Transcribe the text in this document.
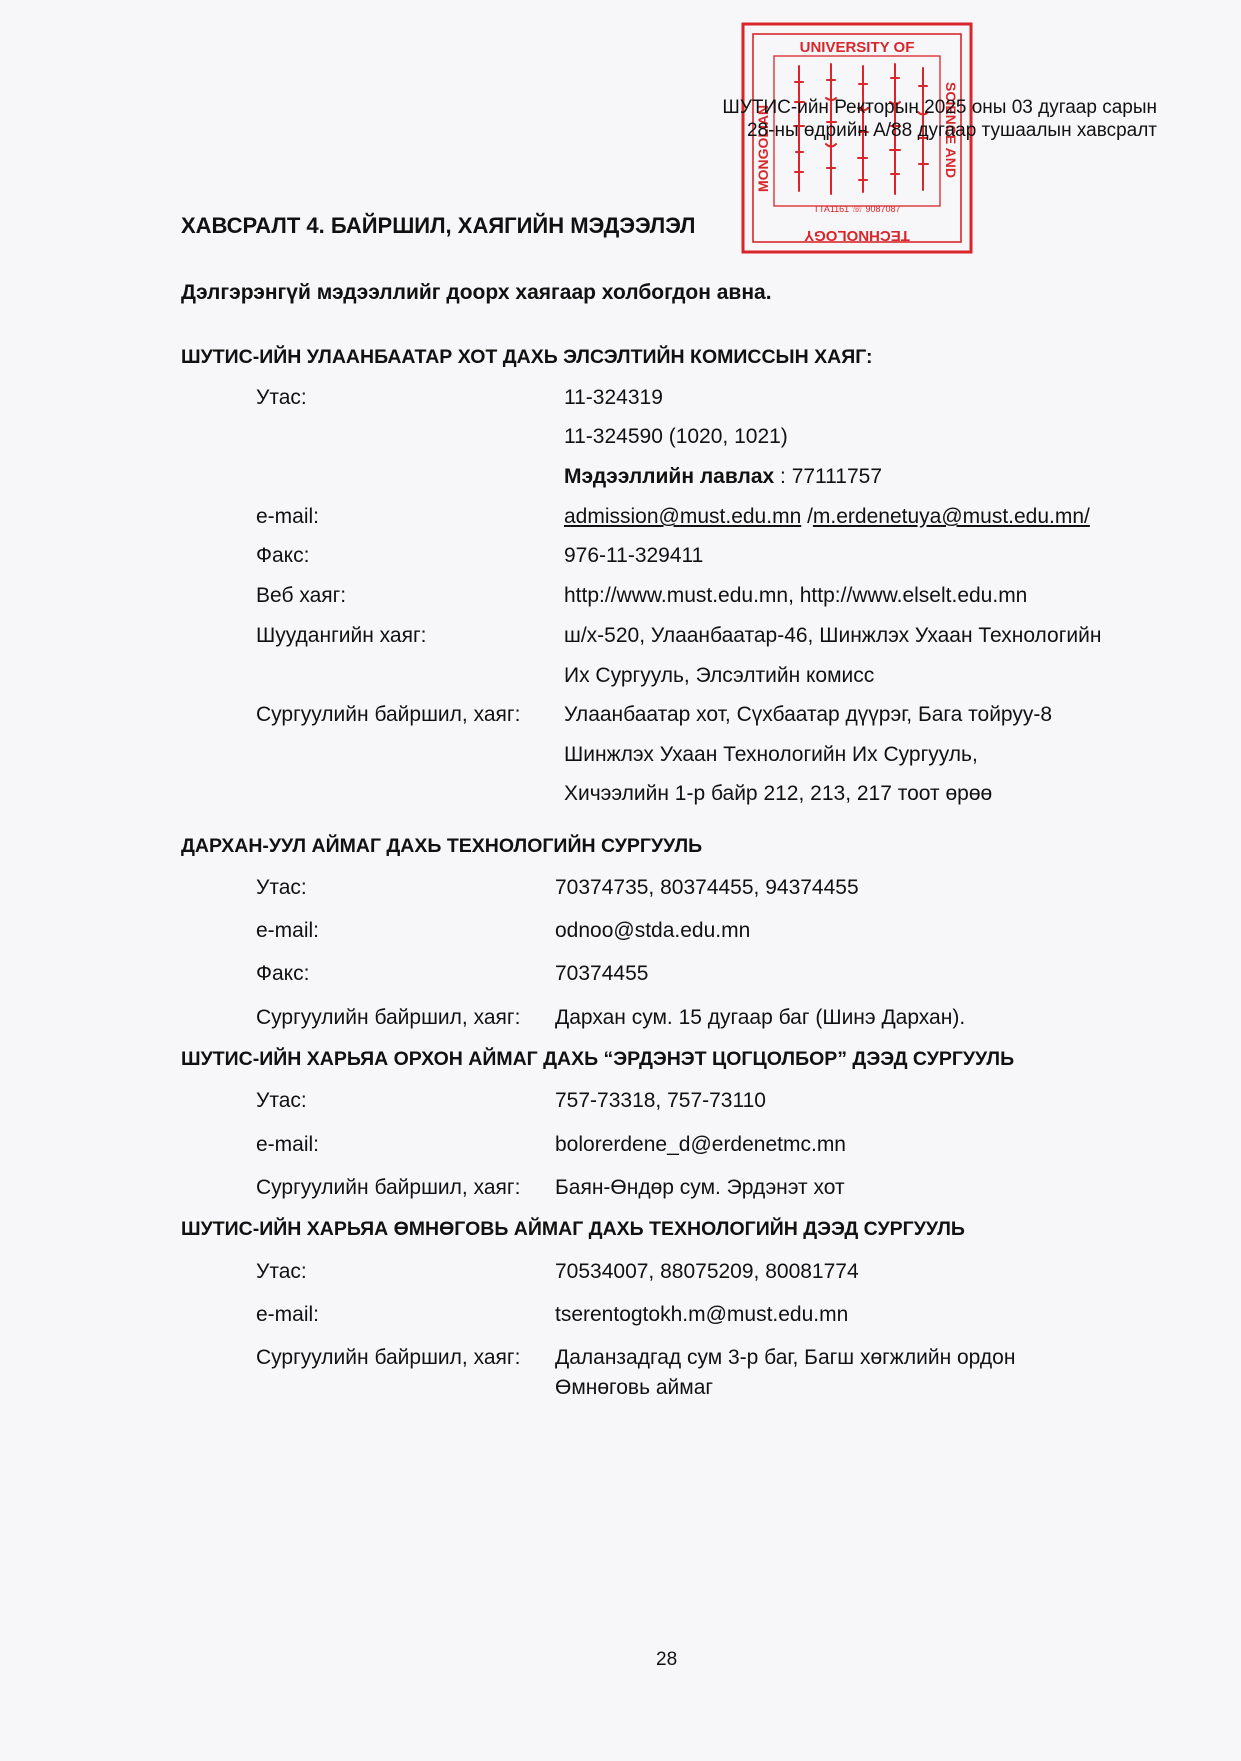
UNIVERSITY OF
MONGOLIAN	SCIENCE AND
TECHNOLOGY
TTA1161 ☏ 9087087
ШУТИС-ийн Ректорын 2025 оны 03 дугаар сарын
28-ны өдрийн А/88 дугаар тушаалын хавсралт
ХАВСРАЛТ 4. БАЙРШИЛ, ХАЯГИЙН МЭДЭЭЛЭЛ
Дэлгэрэнгүй мэдээллийг доорх хаягаар холбогдон авна.
ШУТИС-ИЙН УЛААНБААТАР ХОТ ДАХЬ ЭЛСЭЛТИЙН КОМИССЫН ХАЯГ:
Утас:	11-324319
11-324590 (1020, 1021)
Мэдээллийн лавлах : 77111757
e-mail:	admission@must.edu.mn /m.erdenetuya@must.edu.mn/
Факс:	976-11-329411
Веб хаяг:	http://www.must.edu.mn, http://www.elselt.edu.mn
Шуудангийн хаяг:	ш/х-520, Улаанбаатар-46, Шинжлэх Ухаан Технологийн
Их Сургууль, Элсэлтийн комисс
Сургуулийн байршил, хаяг: Улаанбаатар хот, Сүхбаатар дүүрэг, Бага тойруу-8
Шинжлэх Ухаан Технологийн Их Сургууль,
Хичээлийн 1-р байр 212, 213, 217 тоот өрөө
ДАРХАН-УУЛ АЙМАГ ДАХЬ ТЕХНОЛОГИЙН СУРГУУЛЬ
Утас:	70374735, 80374455, 94374455
e-mail:	odnoo@stda.edu.mn
Факс:	70374455
Сургуулийн байршил, хаяг: Дархан сум. 15 дугаар баг (Шинэ Дархан).
ШУТИС-ИЙН ХАРЬЯА ОРХОН АЙМАГ ДАХЬ “ЭРДЭНЭТ ЦОГЦОЛБОР” ДЭЭД СУРГУУЛЬ
Утас:	757-73318, 757-73110
e-mail:	bolorerdene_d@erdenetmc.mn
Сургуулийн байршил, хаяг: Баян-Өндөр сум. Эрдэнэт хот
ШУТИС-ИЙН ХАРЬЯА ӨМНӨГОВЬ АЙМАГ ДАХЬ ТЕХНОЛОГИЙН ДЭЭД СУРГУУЛЬ
Утас:	70534007, 88075209, 80081774
e-mail:	tserentogtokh.m@must.edu.mn
Сургуулийн байршил, хаяг: Даланзадгад сум 3-р баг, Багш хөгжлийн ордон
Өмнөговь аймаг
28
